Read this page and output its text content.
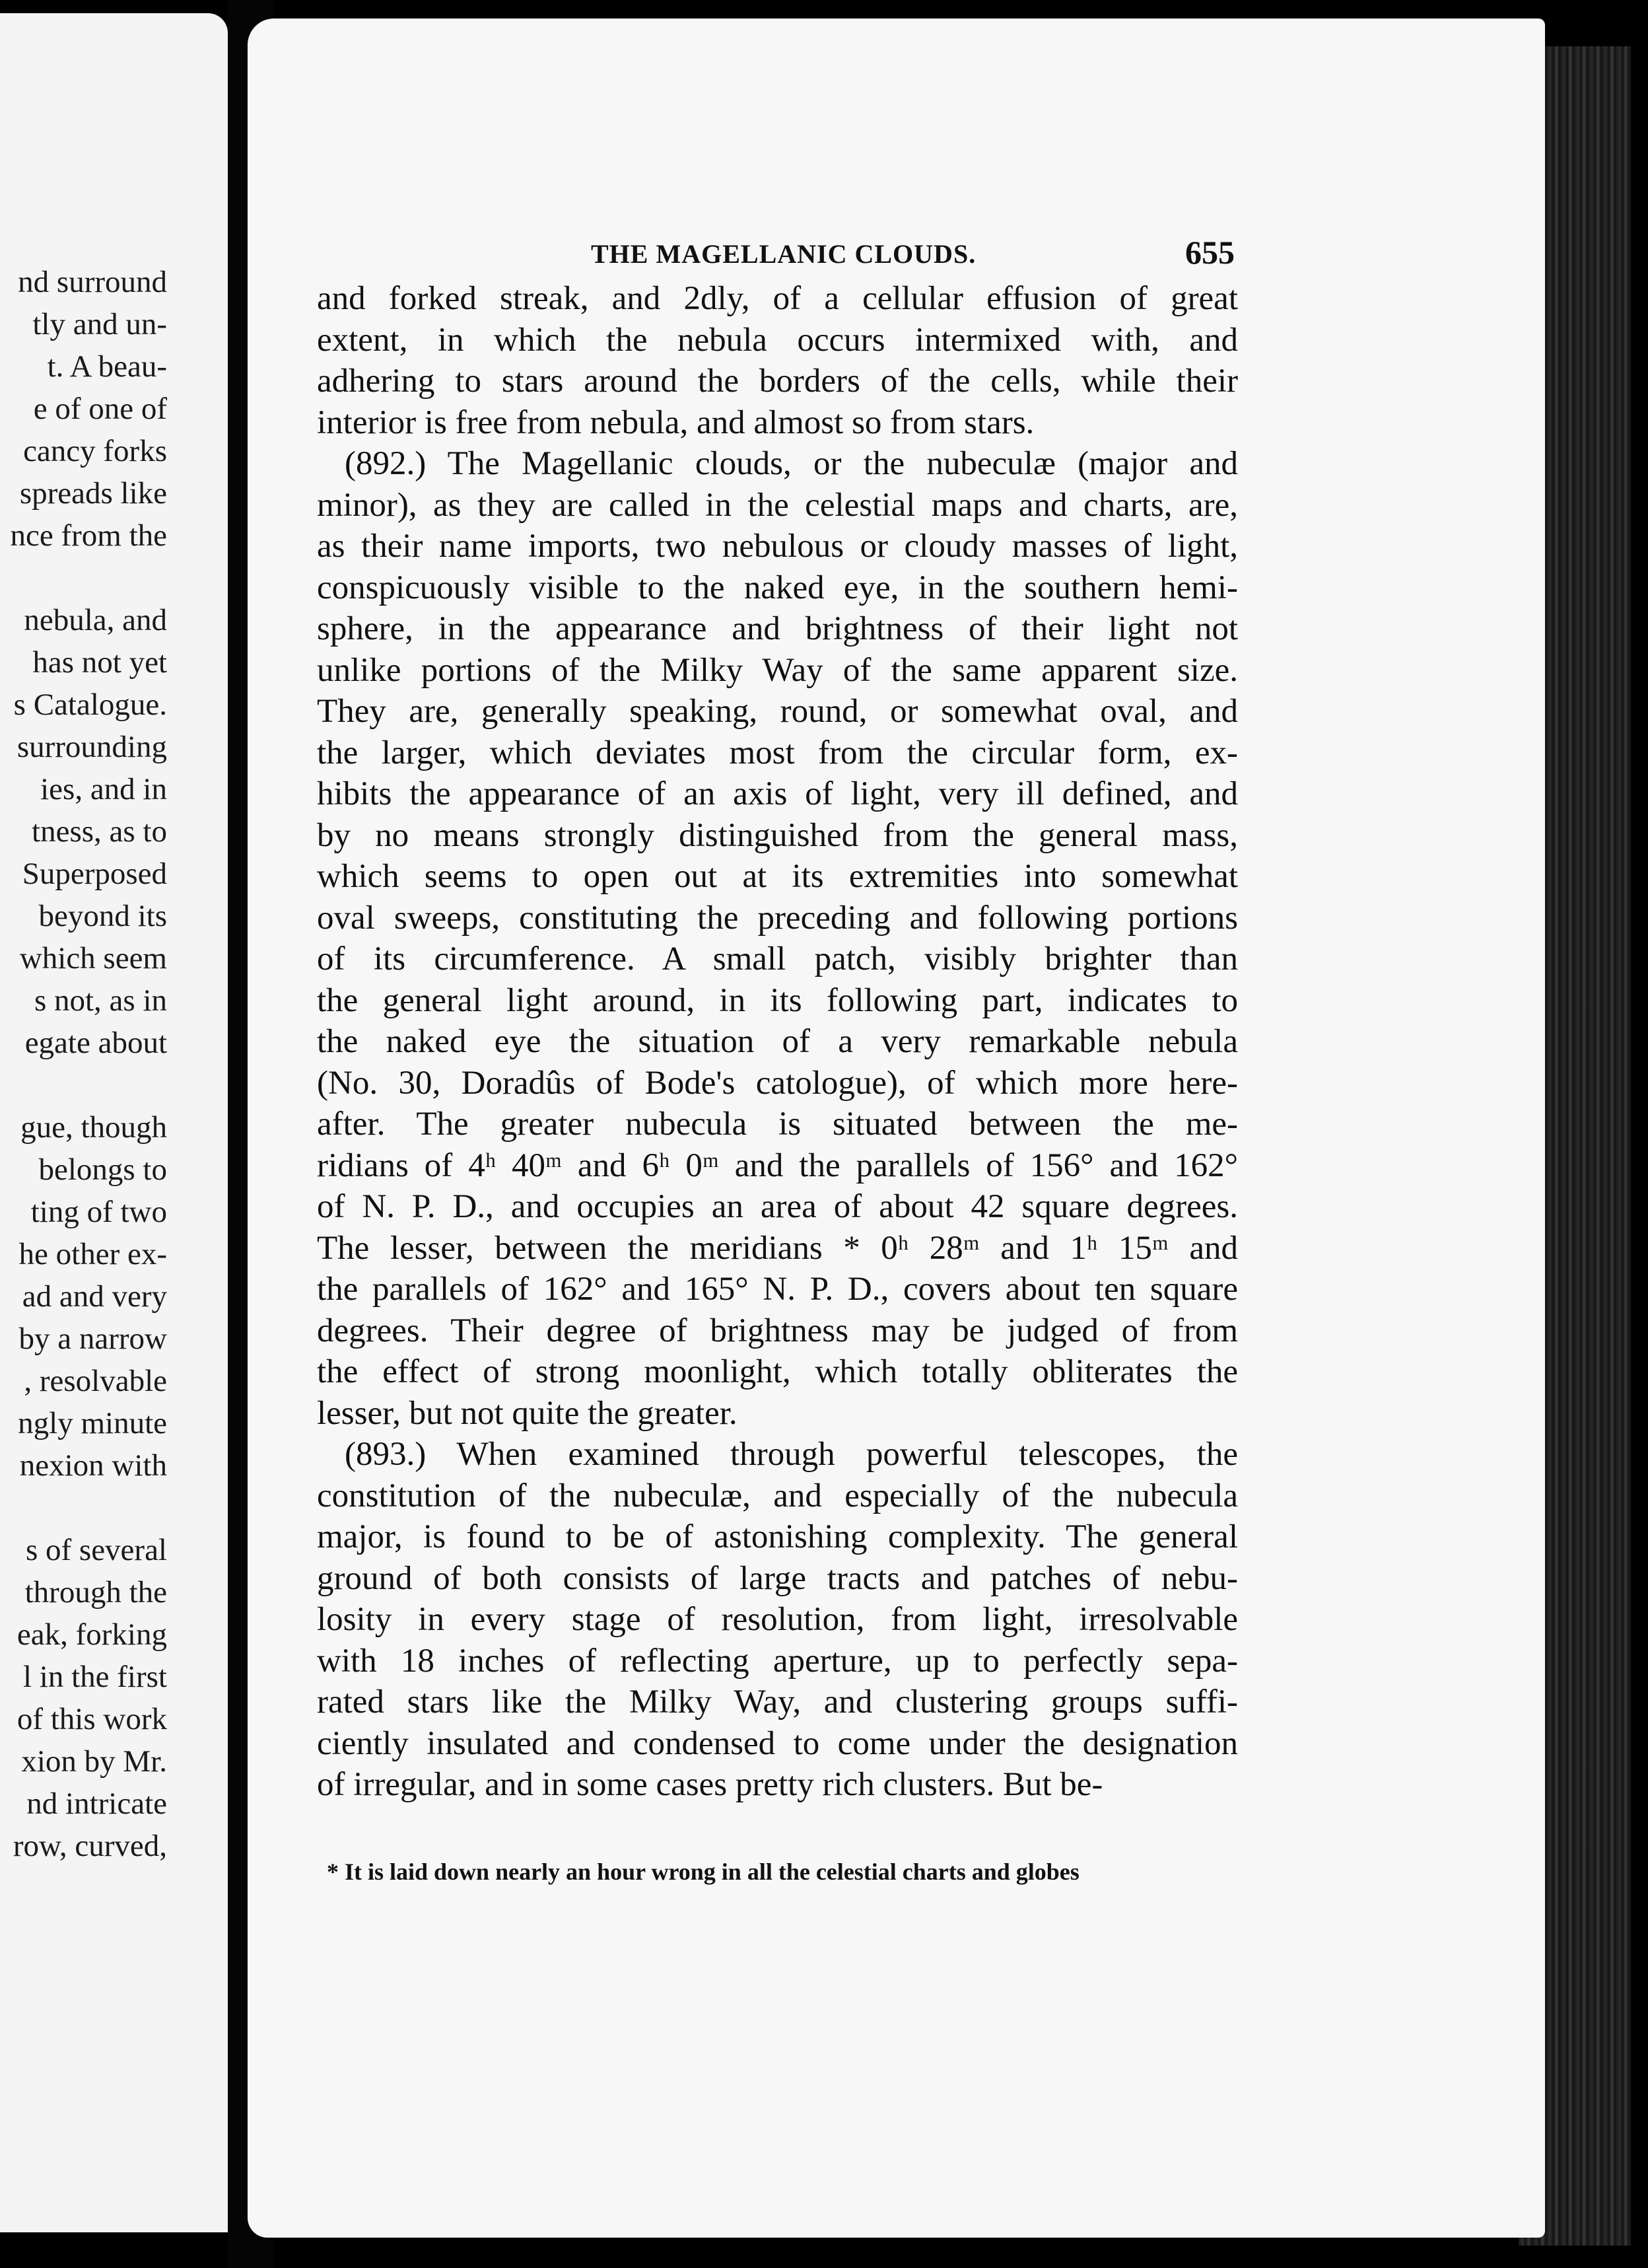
nd surround
tly and un-
t. A beau-
e of one of
cancy forks
spreads like
nce from the
nebula, and
has not yet
s Catalogue.
surrounding
ies, and in
tness, as to
Superposed
beyond its
which seem
s not, as in
egate about
gue, though
belongs to
ting of two
he other ex-
ad and very
by a narrow
, resolvable
ngly minute
nexion with
s of several
through the
eak, forking
l in the first
of this work
xion by Mr.
nd intricate
row, curved,
THE MAGELLANIC CLOUDS.	655
and forked streak, and 2dly, of a cellular effusion of great
extent, in which the nebula occurs intermixed with, and
adhering to stars around the borders of the cells, while their
interior is free from nebula, and almost so from stars.
(892.) The Magellanic clouds, or the nubeculæ (major and
minor), as they are called in the celestial maps and charts, are,
as their name imports, two nebulous or cloudy masses of light,
conspicuously visible to the naked eye, in the southern hemi-
sphere, in the appearance and brightness of their light not
unlike portions of the Milky Way of the same apparent size.
They are, generally speaking, round, or somewhat oval, and
the larger, which deviates most from the circular form, ex-
hibits the appearance of an axis of light, very ill defined, and
by no means strongly distinguished from the general mass,
which seems to open out at its extremities into somewhat
oval sweeps, constituting the preceding and following portions
of its circumference. A small patch, visibly brighter than
the general light around, in its following part, indicates to
the naked eye the situation of a very remarkable nebula
(No. 30, Doradûs of Bode's catologue), of which more here-
after. The greater nubecula is situated between the me-
ridians of 4ʰ 40ᵐ and 6ʰ 0ᵐ and the parallels of 156° and 162°
of N. P. D., and occupies an area of about 42 square degrees.
The lesser, between the meridians * 0ʰ 28ᵐ and 1ʰ 15ᵐ and
the parallels of 162° and 165° N. P. D., covers about ten square
degrees. Their degree of brightness may be judged of from
the effect of strong moonlight, which totally obliterates the
lesser, but not quite the greater.
(893.) When examined through powerful telescopes, the
constitution of the nubeculæ, and especially of the nubecula
major, is found to be of astonishing complexity. The general
ground of both consists of large tracts and patches of nebu-
losity in every stage of resolution, from light, irresolvable
with 18 inches of reflecting aperture, up to perfectly sepa-
rated stars like the Milky Way, and clustering groups suffi-
ciently insulated and condensed to come under the designation
of irregular, and in some cases pretty rich clusters. But be-
* It is laid down nearly an hour wrong in all the celestial charts and globes
